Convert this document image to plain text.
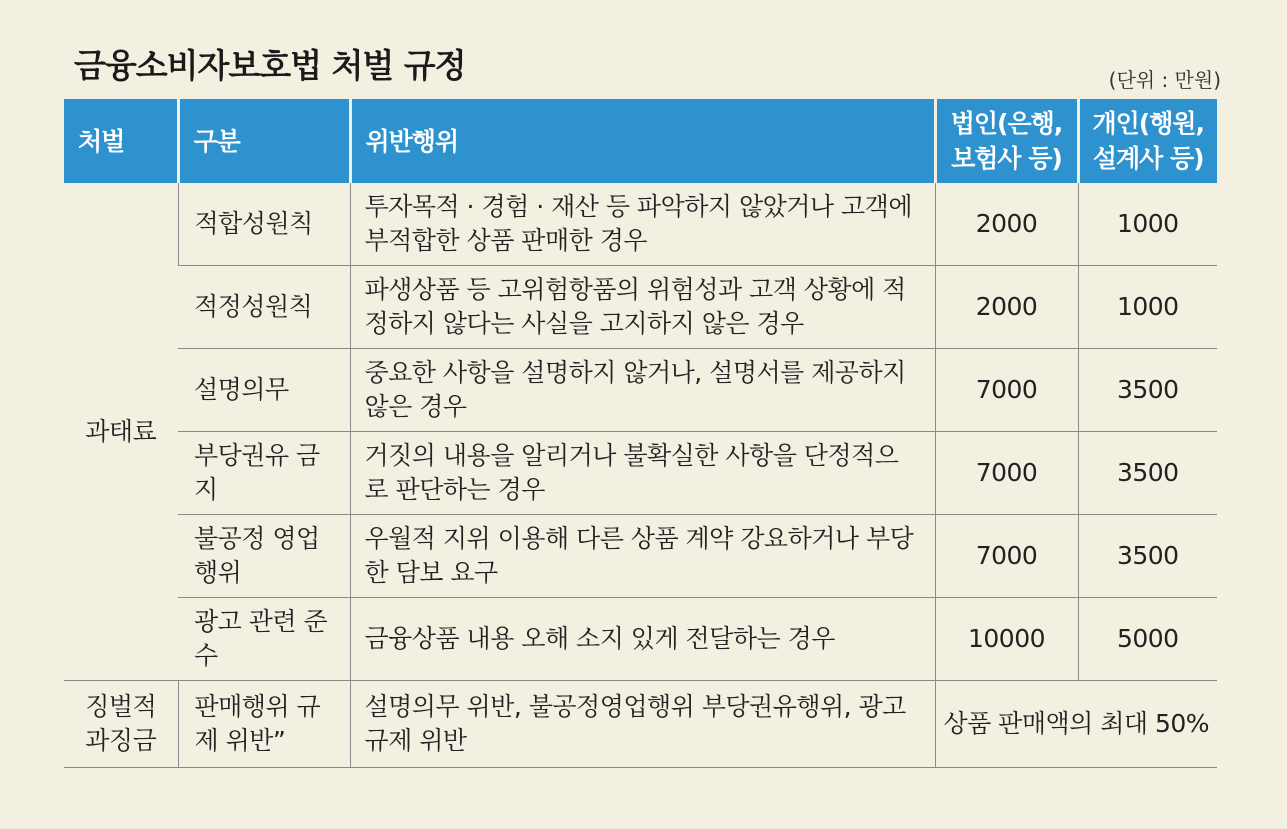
금융소비자보호법 처벌 규정	(단위 : 만원)
처벌	구분	위반행위	법인(은행, 보험사 등)	개인(행원, 설계사 등)
과태료	적합성원칙	투자목적 · 경험 · 재산 등 파악하지 않았거나 고객에 부적합한 상품 판매한 경우	2000	1000
	적정성원칙	파생상품 등 고위험항품의 위험성과 고객 상황에 적정하지 않다는 사실을 고지하지 않은 경우	2000	1000
	설명의무	중요한 사항을 설명하지 않거나, 설명서를 제공하지 않은 경우	7000	3500
	부당권유 금지	거짓의 내용을 알리거나 불확실한 사항을 단정적으로 판단하는 경우	7000	3500
	불공정 영업행위	우월적 지위 이용해 다른 상품 계약 강요하거나 부당한 담보 요구	7000	3500
	광고 관련 준수	금융상품 내용 오해 소지 있게 전달하는 경우	10000	5000
징벌적 과징금	판매행위 규제 위반”	설명의무 위반, 불공정영업행위 부당권유행위, 광고규제 위반	상품 판매액의 최대 50%	
